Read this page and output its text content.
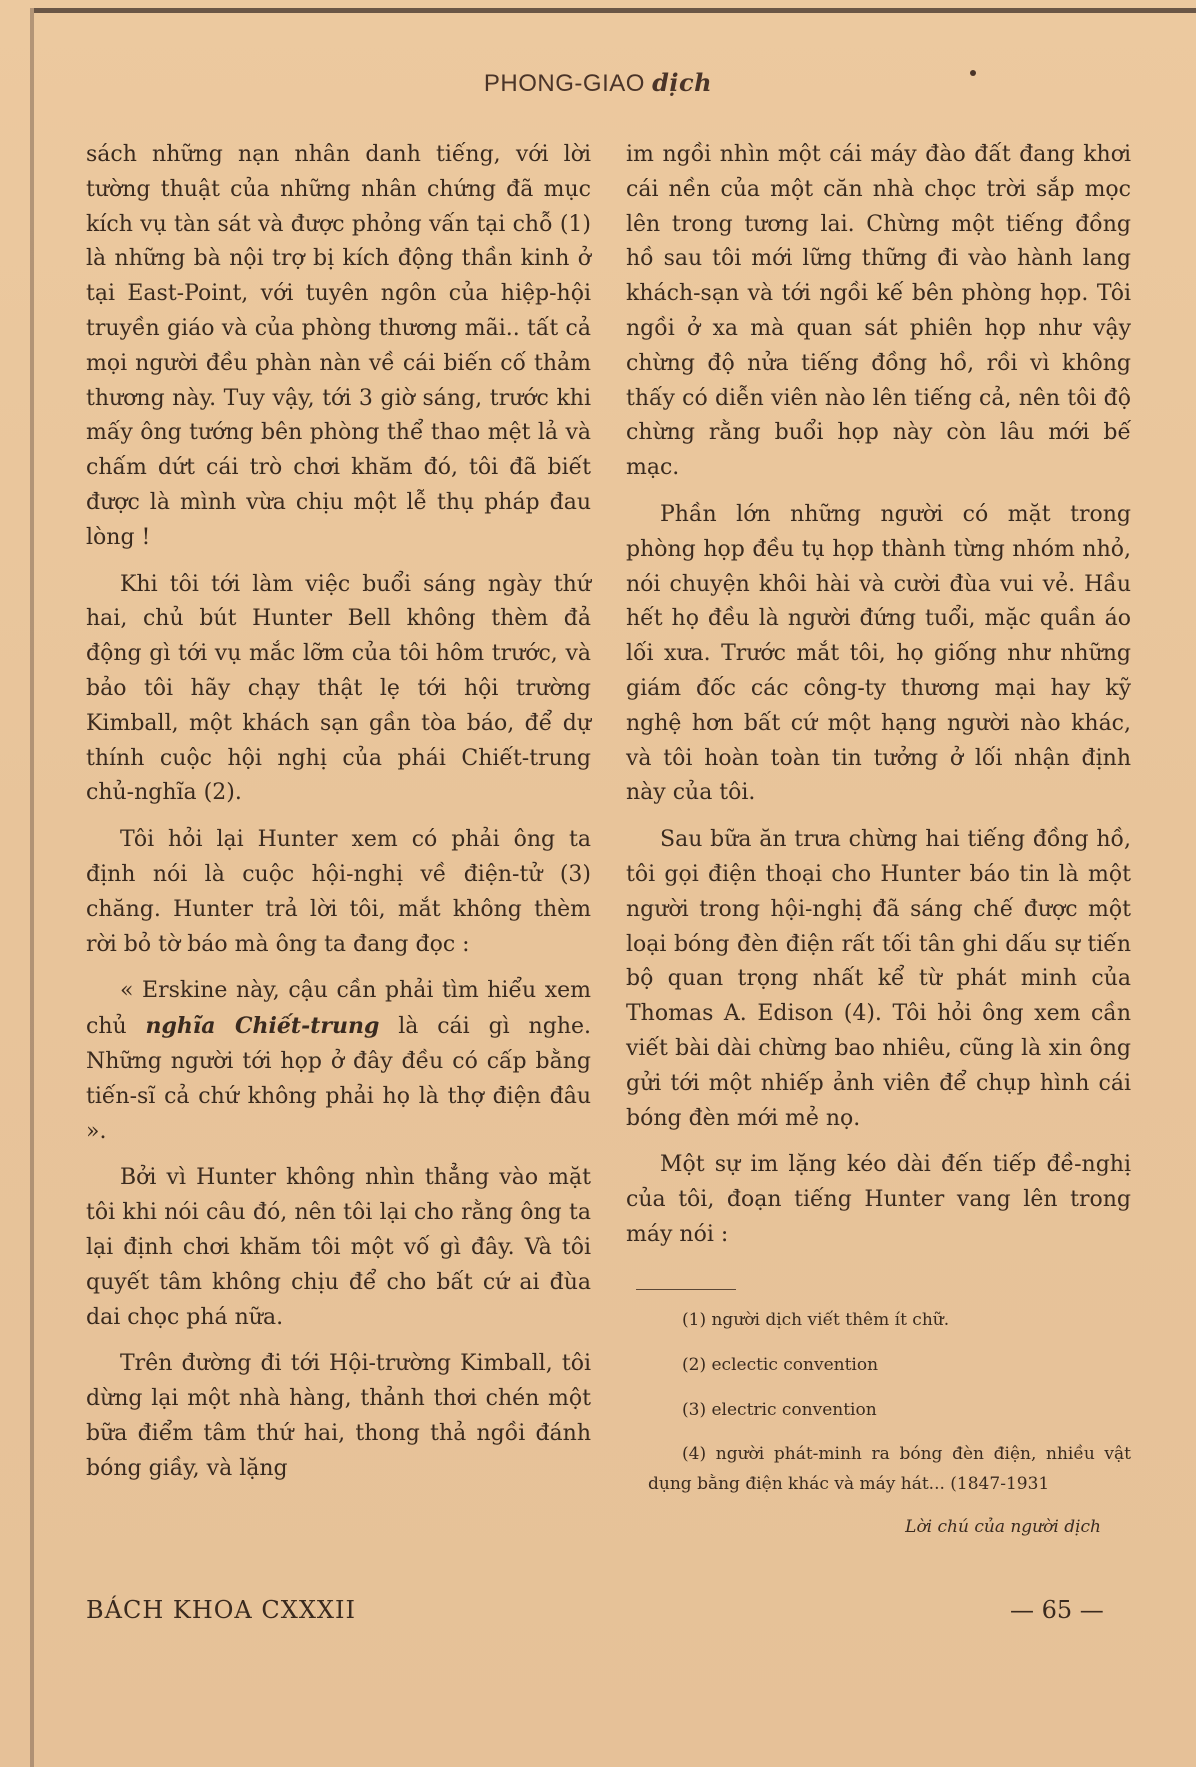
PHONG-GIAO dịch

sách những nạn nhân danh tiếng, với lời tường thuật của những nhân chứng đã mục kích vụ tàn sát và được phỏng vấn tại chỗ (1) là những bà nội trợ bị kích động thần kinh ở tại East-Point, với tuyên ngôn của hiệp-hội truyền giáo và của phòng thương mãi.. tất cả mọi người đều phàn nàn về cái biến cố thảm thương này. Tuy vậy, tới 3 giờ sáng, trước khi mấy ông tướng bên phòng thể thao mệt lả và chấm dứt cái trò chơi khăm đó, tôi đã biết được là mình vừa chịu một lễ thụ pháp đau lòng !

Khi tôi tới làm việc buổi sáng ngày thứ hai, chủ bút Hunter Bell không thèm đả động gì tới vụ mắc lỡm của tôi hôm trước, và bảo tôi hãy chạy thật lẹ tới hội trường Kimball, một khách sạn gần tòa báo, để dự thính cuộc hội nghị của phái Chiết-trung chủ-nghĩa (2).

Tôi hỏi lại Hunter xem có phải ông ta định nói là cuộc hội-nghị về điện-tử (3) chăng. Hunter trả lời tôi, mắt không thèm rời bỏ tờ báo mà ông ta đang đọc :

« Erskine này, cậu cần phải tìm hiểu xem chủ nghĩa Chiết-trung là cái gì nghe. Những người tới họp ở đây đều có cấp bằng tiến-sĩ cả chứ không phải họ là thợ điện đâu ».

Bởi vì Hunter không nhìn thẳng vào mặt tôi khi nói câu đó, nên tôi lại cho rằng ông ta lại định chơi khăm tôi một vố gì đây. Và tôi quyết tâm không chịu để cho bất cứ ai đùa dai chọc phá nữa.

Trên đường đi tới Hội-trường Kimball, tôi dừng lại một nhà hàng, thảnh thơi chén một bữa điểm tâm thứ hai, thong thả ngồi đánh bóng giầy, và lặng

im ngồi nhìn một cái máy đào đất đang khơi cái nền của một căn nhà chọc trời sắp mọc lên trong tương lai. Chừng một tiếng đồng hồ sau tôi mới lững thững đi vào hành lang khách-sạn và tới ngồi kế bên phòng họp. Tôi ngồi ở xa mà quan sát phiên họp như vậy chừng độ nửa tiếng đồng hồ, rồi vì không thấy có diễn viên nào lên tiếng cả, nên tôi độ chừng rằng buổi họp này còn lâu mới bế mạc.

Phần lớn những người có mặt trong phòng họp đều tụ họp thành từng nhóm nhỏ, nói chuyện khôi hài và cười đùa vui vẻ. Hầu hết họ đều là người đứng tuổi, mặc quần áo lối xưa. Trước mắt tôi, họ giống như những giám đốc các công-ty thương mại hay kỹ nghệ hơn bất cứ một hạng người nào khác, và tôi hoàn toàn tin tưởng ở lối nhận định này của tôi.

Sau bữa ăn trưa chừng hai tiếng đồng hồ, tôi gọi điện thoại cho Hunter báo tin là một người trong hội-nghị đã sáng chế được một loại bóng đèn điện rất tối tân ghi dấu sự tiến bộ quan trọng nhất kể từ phát minh của Thomas A. Edison (4). Tôi hỏi ông xem cần viết bài dài chừng bao nhiêu, cũng là xin ông gửi tới một nhiếp ảnh viên để chụp hình cái bóng đèn mới mẻ nọ.

Một sự im lặng kéo dài đến tiếp đề-nghị của tôi, đoạn tiếng Hunter vang lên trong máy nói :

(1) người dịch viết thêm ít chữ.

(2) eclectic convention

(3) electric convention

(4) người phát-minh ra bóng đèn điện, nhiều vật dụng bằng điện khác và máy hát... (1847-1931

Lời chú của người dịch

BÁCH KHOA CXXXII	— 65 —
